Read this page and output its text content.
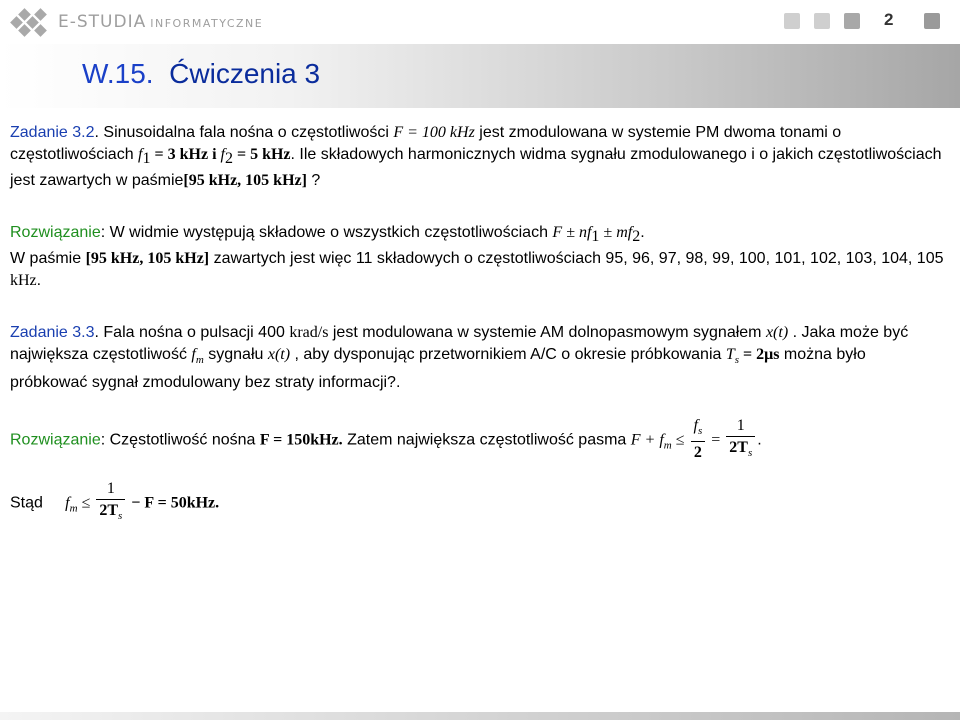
E-STUDIA INFORMATYCZNE	2
W.15. Ćwiczenia 3

Zadanie 3.2. Sinusoidalna fala nośna o częstotliwości F = 100 kHz jest zmodulowana w systemie PM dwoma tonami o częstotliwościach $f_1 = 3$ kHz i $f_2 = 5$ kHz. Ile składowych harmonicznych widma sygnału zmodulowanego i o jakich częstotliwościach jest zawartych w paśmie[95 kHz, 105 kHz] ?

Rozwiązanie: W widmie występują składowe o wszystkich częstotliwościach $F \pm nf_1 \pm mf_2$.
W paśmie [95 kHz, 105 kHz] zawartych jest więc 11 składowych o częstotliwościach 95, 96, 97, 98, 99, 100, 101, 102, 103, 104, 105 kHz.

Zadanie 3.3. Fala nośna o pulsacji 400 krad/s jest modulowana w systemie AM dolnopasmowym sygnałem x(t) . Jaka może być największa częstotliwość $f_m$ sygnału x(t) , aby dysponując przetwornikiem A/C o okresie próbkowania $T_s = 2\mu s$ można było próbkować sygnał zmodulowany bez straty informacji?.

Rozwiązanie: Częstotliwość nośna F = 150kHz. Zatem największa częstotliwość pasma $F + f_m \le \frac{f_s}{2} = \frac{1}{2T_s}$ .

Stąd $f_m \le \frac{1}{2T_s} - F = 50kHz$.
